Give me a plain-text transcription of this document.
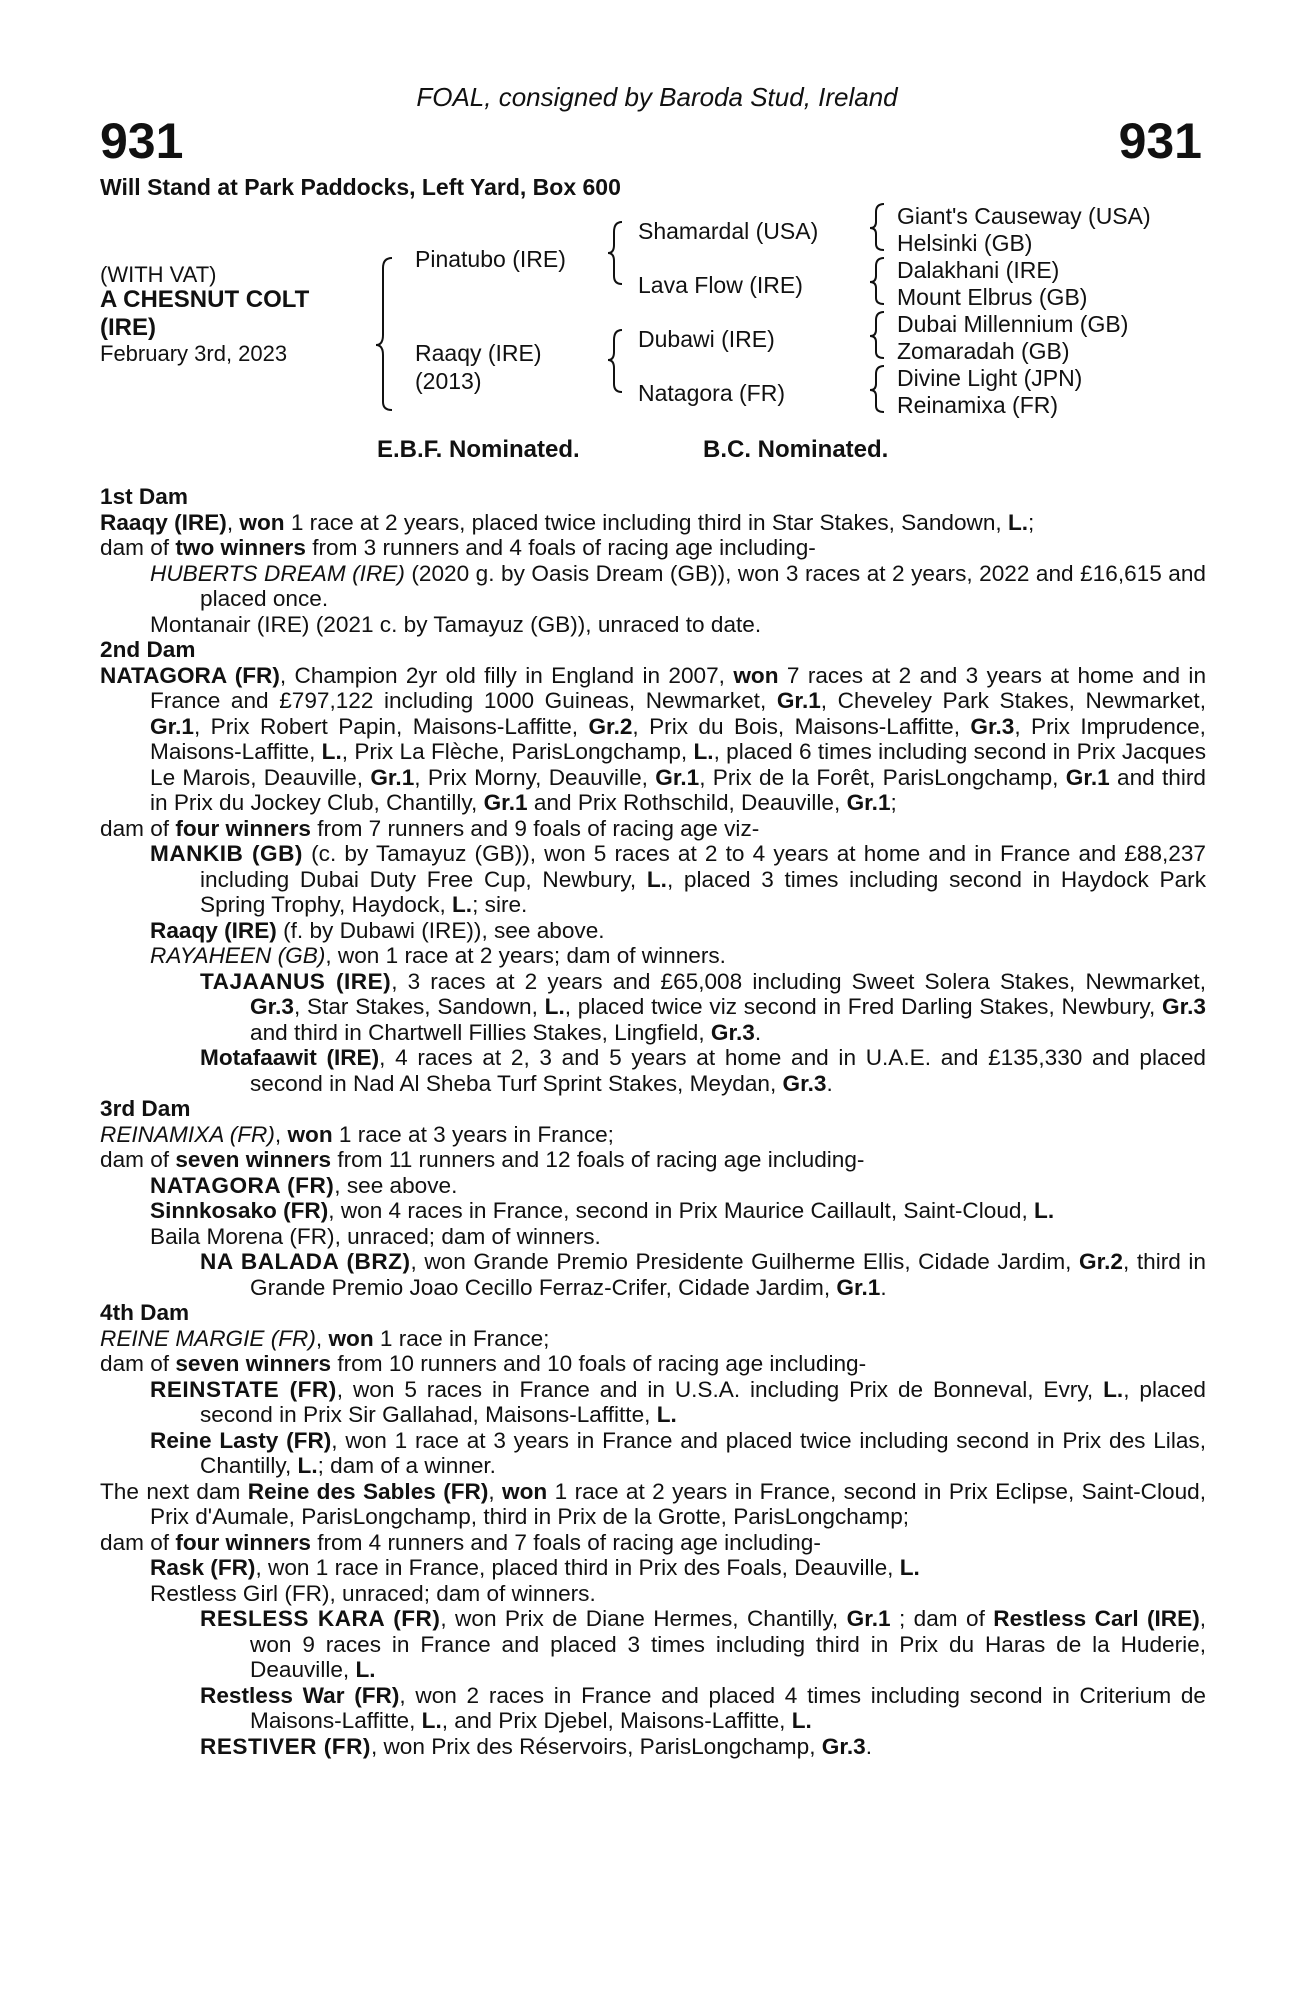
FOAL, consigned by Baroda Stud, Ireland
931	931
Will Stand at Park Paddocks, Left Yard, Box 600
(WITH VAT)
A CHESNUT COLT
(IRE)
February 3rd, 2023
Pinatubo (IRE)
Raaqy (IRE)
(2013)
Shamardal (USA)
Lava Flow (IRE)
Dubawi (IRE)
Natagora (FR)
Giant's Causeway (USA)
Helsinki (GB)
Dalakhani (IRE)
Mount Elbrus (GB)
Dubai Millennium (GB)
Zomaradah (GB)
Divine Light (JPN)
Reinamixa (FR)
E.B.F. Nominated.	B.C. Nominated.

1st Dam

Raaqy (IRE), won 1 race at 2 years, placed twice including third in Star Stakes, Sandown, L.;

dam of two winners from 3 runners and 4 foals of racing age including-

HUBERTS DREAM (IRE) (2020 g. by Oasis Dream (GB)), won 3 races at 2 years, 2022 and £16,615 and placed once.

Montanair (IRE) (2021 c. by Tamayuz (GB)), unraced to date.

2nd Dam

NATAGORA (FR), Champion 2yr old filly in England in 2007, won 7 races at 2 and 3 years at home and in France and £797,122 including 1000 Guineas, Newmarket, Gr.1, Cheveley Park Stakes, Newmarket, Gr.1, Prix Robert Papin, Maisons-Laffitte, Gr.2, Prix du Bois, Maisons-Laffitte, Gr.3, Prix Imprudence, Maisons-Laffitte, L., Prix La Flèche, ParisLongchamp, L., placed 6 times including second in Prix Jacques Le Marois, Deauville, Gr.1, Prix Morny, Deauville, Gr.1, Prix de la Forêt, ParisLongchamp, Gr.1 and third in Prix du Jockey Club, Chantilly, Gr.1 and Prix Rothschild, Deauville, Gr.1;

dam of four winners from 7 runners and 9 foals of racing age viz-

MANKIB (GB) (c. by Tamayuz (GB)), won 5 races at 2 to 4 years at home and in France and £88,237 including Dubai Duty Free Cup, Newbury, L., placed 3 times including second in Haydock Park Spring Trophy, Haydock, L.; sire.

Raaqy (IRE) (f. by Dubawi (IRE)), see above.

RAYAHEEN (GB), won 1 race at 2 years; dam of winners.

TAJAANUS (IRE), 3 races at 2 years and £65,008 including Sweet Solera Stakes, Newmarket, Gr.3, Star Stakes, Sandown, L., placed twice viz second in Fred Darling Stakes, Newbury, Gr.3 and third in Chartwell Fillies Stakes, Lingfield, Gr.3.

Motafaawit (IRE), 4 races at 2, 3 and 5 years at home and in U.A.E. and £135,330 and placed second in Nad Al Sheba Turf Sprint Stakes, Meydan, Gr.3.

3rd Dam

REINAMIXA (FR), won 1 race at 3 years in France;

dam of seven winners from 11 runners and 12 foals of racing age including-

NATAGORA (FR), see above.

Sinnkosako (FR), won 4 races in France, second in Prix Maurice Caillault, Saint-Cloud, L.

Baila Morena (FR), unraced; dam of winners.

NA BALADA (BRZ), won Grande Premio Presidente Guilherme Ellis, Cidade Jardim, Gr.2, third in Grande Premio Joao Cecillo Ferraz-Crifer, Cidade Jardim, Gr.1.

4th Dam

REINE MARGIE (FR), won 1 race in France;

dam of seven winners from 10 runners and 10 foals of racing age including-

REINSTATE (FR), won 5 races in France and in U.S.A. including Prix de Bonneval, Evry, L., placed second in Prix Sir Gallahad, Maisons-Laffitte, L.

Reine Lasty (FR), won 1 race at 3 years in France and placed twice including second in Prix des Lilas, Chantilly, L.; dam of a winner.

The next dam Reine des Sables (FR), won 1 race at 2 years in France, second in Prix Eclipse, Saint-Cloud, Prix d'Aumale, ParisLongchamp, third in Prix de la Grotte, ParisLongchamp;

dam of four winners from 4 runners and 7 foals of racing age including-

Rask (FR), won 1 race in France, placed third in Prix des Foals, Deauville, L.

Restless Girl (FR), unraced; dam of winners.

RESLESS KARA (FR), won Prix de Diane Hermes, Chantilly, Gr.1 ; dam of Restless Carl (IRE), won 9 races in France and placed 3 times including third in Prix du Haras de la Huderie, Deauville, L.

Restless War (FR), won 2 races in France and placed 4 times including second in Criterium de Maisons-Laffitte, L., and Prix Djebel, Maisons-Laffitte, L.

RESTIVER (FR), won Prix des Réservoirs, ParisLongchamp, Gr.3.
